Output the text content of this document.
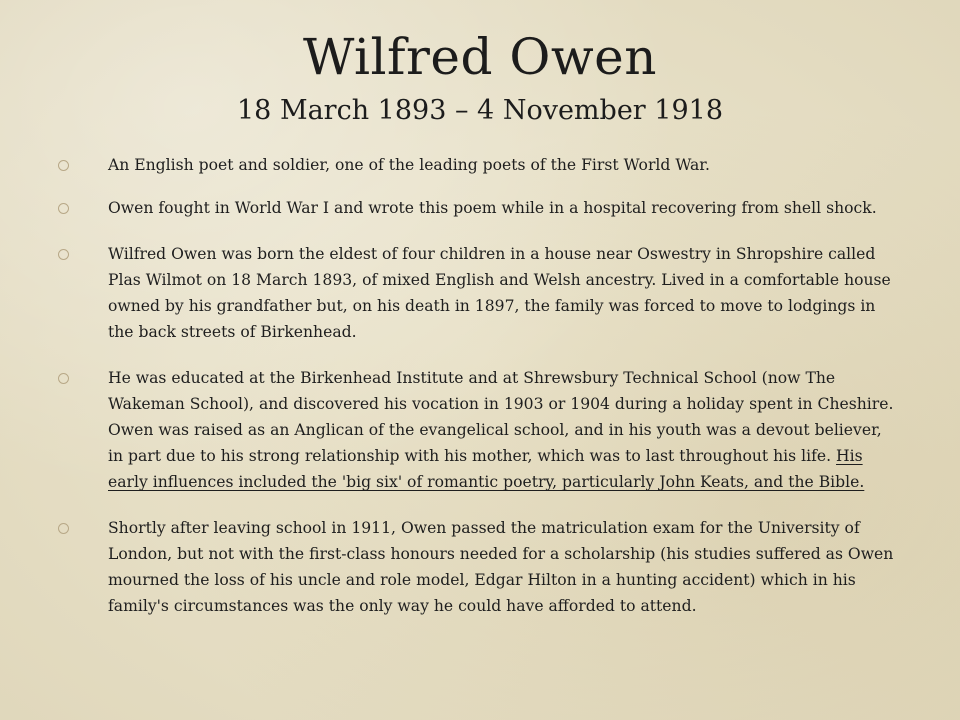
Wilfred Owen
18 March 1893 – 4 November 1918
An English poet and soldier, one of the leading poets of the First World War.
Owen fought in World War I and wrote this poem while in a hospital recovering from shell shock.
Wilfred Owen was born the eldest of four children in a house near Oswestry in Shropshire called Plas Wilmot on 18 March 1893, of mixed English and Welsh ancestry. Lived in a comfortable house owned by his grandfather but, on his death in 1897, the family was forced to move to lodgings in the back streets of Birkenhead.
He was educated at the Birkenhead Institute and at Shrewsbury Technical School (now The Wakeman School), and discovered his vocation in 1903 or 1904 during a holiday spent in Cheshire. Owen was raised as an Anglican of the evangelical school, and in his youth was a devout believer, in part due to his strong relationship with his mother, which was to last throughout his life. His early influences included the 'big six' of romantic poetry, particularly John Keats, and the Bible.
Shortly after leaving school in 1911, Owen passed the matriculation exam for the University of London, but not with the first-class honours needed for a scholarship (his studies suffered as Owen mourned the loss of his uncle and role model, Edgar Hilton in a hunting accident) which in his family's circumstances was the only way he could have afforded to attend.
